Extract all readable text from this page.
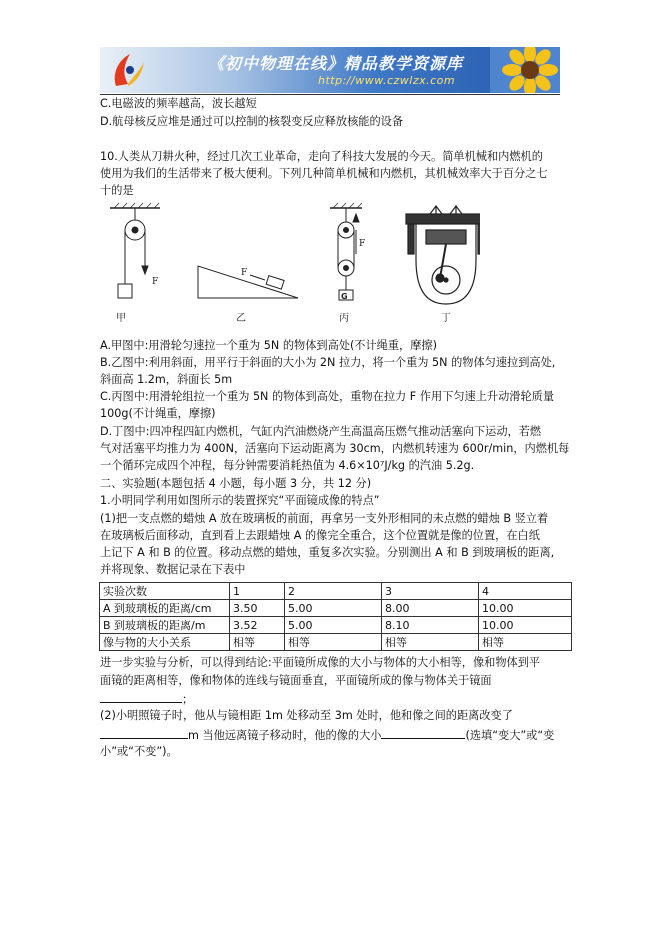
《初中物理在线》精品教学资源库
http://www.czwlzx.com
C.电磁波的频率越高，波长越短
D.航母核反应堆是通过可以控制的核裂变反应释放核能的设备
10.人类从刀耕火种，经过几次工业革命，走向了科技大发展的今天。简单机械和内燃机的
使用为我们的生活带来了极大便利。下列几种简单机械和内燃机，其机械效率大于百分之七
十的是
F
甲
F
乙
F
G
丙	丁
A.甲图中:用滑轮匀速拉一个重为 5N 的物体到高处(不计绳重，摩擦)
B.乙图中:利用斜面，用平行于斜面的大小为 2N 拉力，将一个重为 5N 的物体匀速拉到高处,
斜面高 1.2m，斜面长 5m
C.丙图中:用滑轮组拉一个重为 5N 的物体到高处，重物在拉力 F 作用下匀速上升动滑轮质量
100g(不计绳重，摩擦)
D.丁图中:四冲程四缸内燃机，气缸内汽油燃烧产生高温高压燃气推动活塞向下运动，若燃
气对活塞平均推力为 400N，活塞向下运动距离为 30cm，内燃机转速为 600r/min，内燃机每
一个循环完成四个冲程，每分钟需要消耗热值为 4.6×10⁷J/kg 的汽油 5.2g.
二、实验题(本题包括 4 小题，每小题 3 分，共 12 分)
1.小明同学利用如图所示的装置探究“平面镜成像的特点”
(1)把一支点燃的蜡烛 A 放在玻璃板的前面，再拿另一支外形相同的未点燃的蜡烛 B 竖立着
在玻璃板后面移动，直到看上去跟蜡烛 A 的像完全重合，这个位置就是像的位置，在白纸
上记下 A 和 B 的位置。移动点燃的蜡烛，重复多次实验。分别测出 A 和 B 到玻璃板的距离,
并将现象、数据记录在下表中
实验次数	1	2	3	4
A 到玻璃板的距离/cm	3.50	5.00	8.00	10.00
B 到玻璃板的距离/m	3.52	5.00	8.10	10.00
像与物的大小关系	相等	相等	相等	相等
进一步实验与分析，可以得到结论:平面镜所成像的大小与物体的大小相等，像和物体到平
面镜的距离相等，像和物体的连线与镜面垂直，平面镜所成的像与物体关于镜面
；
(2)小明照镜子时，他从与镜相距 1m 处移动至 3m 处时，他和像之间的距离改变了
m 当他远离镜子移动时，他的像的大小	(选填“变大”或“变
小”或“不变”)。
